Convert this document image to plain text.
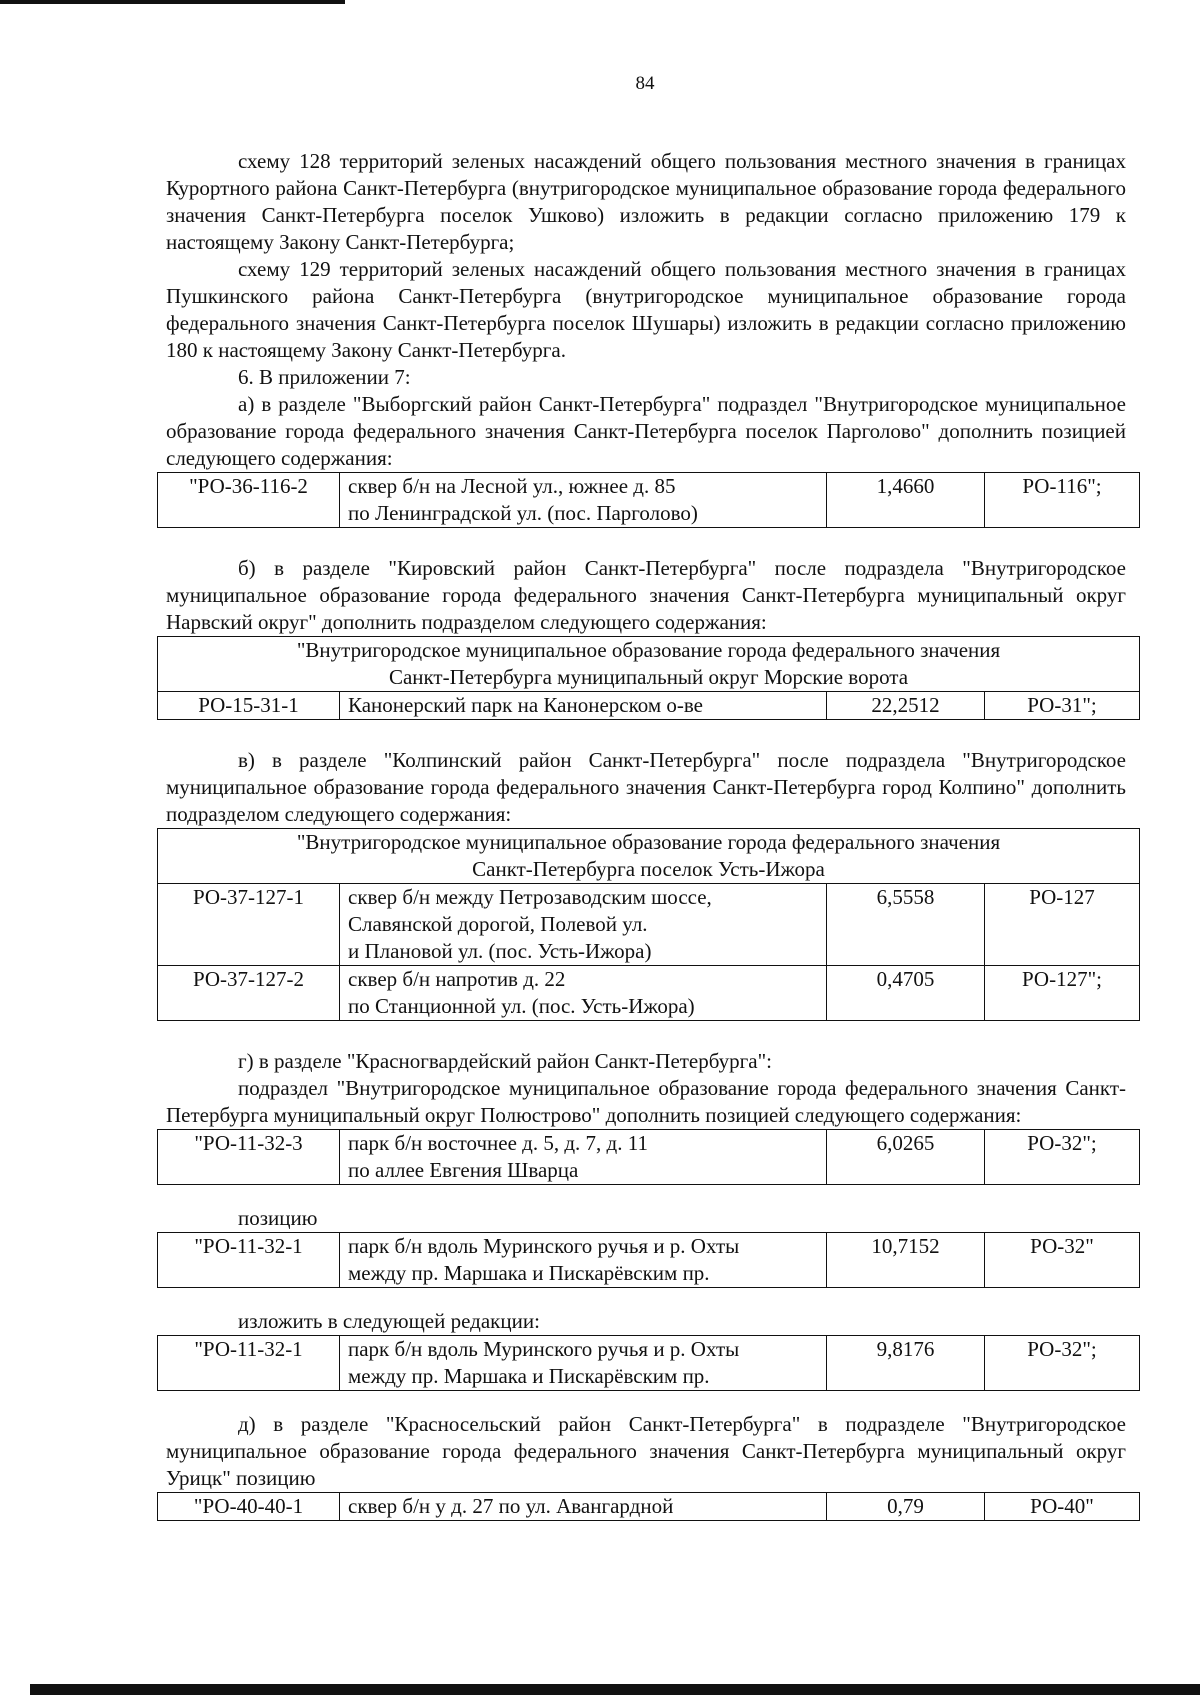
84

схему 128 территорий зеленых насаждений общего пользования местного значения в границах Курортного района Санкт-Петербурга (внутригородское муниципальное образование города федерального значения Санкт-Петербурга поселок Ушково) изложить в редакции согласно приложению 179 к настоящему Закону Санкт-Петербурга;

схему 129 территорий зеленых насаждений общего пользования местного значения в границах Пушкинского района Санкт-Петербурга (внутригородское муниципальное образование города федерального значения Санкт-Петербурга поселок Шушары) изложить в редакции согласно приложению 180 к настоящему Закону Санкт-Петербурга.

6. В приложении 7:

а) в разделе "Выборгский район Санкт-Петербурга" подраздел "Внутригородское муниципальное образование города федерального значения Санкт-Петербурга поселок Парголово" дополнить позицией следующего содержания:

"РО-36-116-2	сквер б/н на Лесной ул., южнее д. 85
по Ленинградской ул. (пос. Парголово)
	1,4660	РО-116";

б) в разделе "Кировский район Санкт-Петербурга" после подраздела "Внутригородское муниципальное образование города федерального значения Санкт-Петербурга муниципальный округ Нарвский округ" дополнить подразделом следующего содержания:

"Внутригородское муниципальное образование города федерального значения
Санкт-Петербурга муниципальный округ Морские ворота

РО-15-31-1	Канонерский парк на Канонерском о-ве	22,2512	РО-31";

в) в разделе "Колпинский район Санкт-Петербурга" после подраздела "Внутригородское муниципальное образование города федерального значения Санкт-Петербурга город Колпино" дополнить подразделом следующего содержания:

"Внутригородское муниципальное образование города федерального значения
Санкт-Петербурга поселок Усть-Ижора			

РО-37-127-1	сквер б/н между Петрозаводским шоссе,
Славянской дорогой, Полевой ул.
и Плановой ул. (пос. Усть-Ижора)	6,5558	РО-127
РО-37-127-2	сквер б/н напротив д. 22
по Станционной ул. (пос. Усть-Ижора)	0,4705	РО-127";

г) в разделе "Красногвардейский район Санкт-Петербурга":

подраздел "Внутригородское муниципальное образование города федерального значения Санкт-Петербурга муниципальный округ Полюстрово" дополнить позицией следующего содержания:

"РО-11-32-3	парк б/н восточнее д. 5, д. 7, д. 11
по аллее Евгения Шварца
	6,0265	РО-32";

позицию

"РО-11-32-1	парк б/н вдоль Муринского ручья и р. Охты
между пр. Маршака и Пискарёвским пр.
	10,7152	РО-32"

изложить в следующей редакции:

"РО-11-32-1	парк б/н вдоль Муринского ручья и р. Охты
между пр. Маршака и Пискарёвским пр.
	9,8176	РО-32";

д) в разделе "Красносельский район Санкт-Петербурга" в подразделе "Внутригородское муниципальное образование города федерального значения Санкт-Петербурга муниципальный округ Урицк" позицию

"РО-40-40-1	сквер б/н у д. 27 по ул. Авангардной	0,79	РО-40"
